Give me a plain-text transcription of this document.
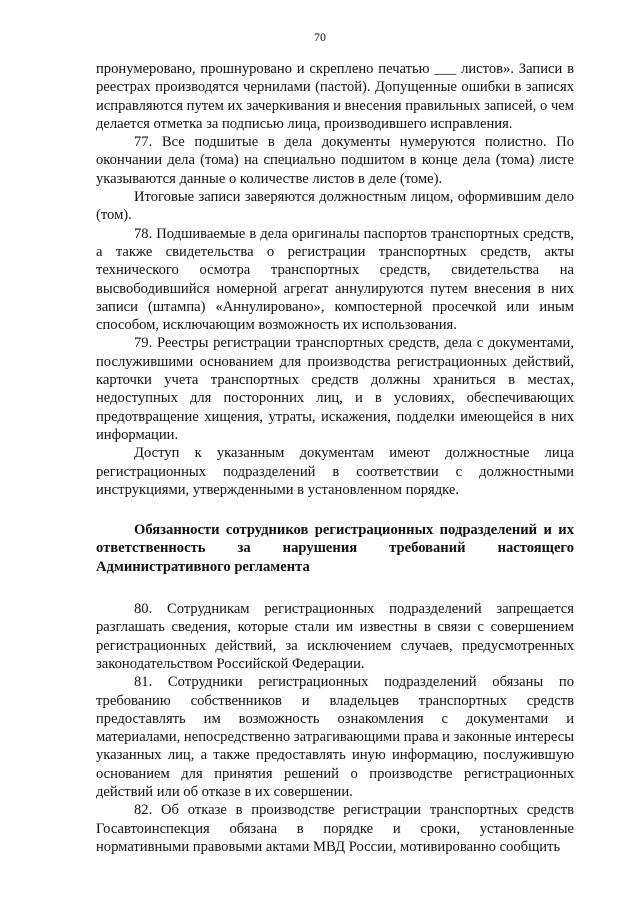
70

пронумеровано, прошнуровано и скреплено печатью ___ листов». Записи в реестрах производятся чернилами (пастой). Допущенные ошибки в записях исправляются путем их зачеркивания и внесения правильных записей, о чем делается отметка за подписью лица, производившего исправления.

77. Все подшитые в дела документы нумеруются полистно. По окончании дела (тома) на специально подшитом в конце дела (тома) листе указываются данные о количестве листов в деле (томе).

Итоговые записи заверяются должностным лицом, оформившим дело (том).

78. Подшиваемые в дела оригиналы паспортов транспортных средств, а также свидетельства о регистрации транспортных средств, акты технического осмотра транспортных средств, свидетельства на высвободившийся номерной агрегат аннулируются путем внесения в них записи (штампа) «Аннулировано», компостерной просечкой или иным способом, исключающим возможность их использования.

79. Реестры регистрации транспортных средств, дела с документами, послужившими основанием для производства регистрационных действий, карточки учета транспортных средств должны храниться в местах, недоступных для посторонних лиц, и в условиях, обеспечивающих предотвращение хищения, утраты, искажения, подделки имеющейся в них информации.

Доступ к указанным документам имеют должностные лица регистрационных подразделений в соответствии с должностными инструкциями, утвержденными в установленном порядке.

Обязанности сотрудников регистрационных подразделений и их ответственность за нарушения требований настоящего Административного регламента

80. Сотрудникам регистрационных подразделений запрещается разглашать сведения, которые стали им известны в связи с совершением регистрационных действий, за исключением случаев, предусмотренных законодательством Российской Федерации.

81. Сотрудники регистрационных подразделений обязаны по требованию собственников и владельцев транспортных средств предоставлять им возможность ознакомления с документами и материалами, непосредственно затрагивающими права и законные интересы указанных лиц, а также предоставлять иную информацию, послужившую основанием для принятия решений о производстве регистрационных действий или об отказе в их совершении.

82. Об отказе в производстве регистрации транспортных средств Госавтоинспекция обязана в порядке и сроки, установленные нормативными правовыми актами МВД России, мотивированно сообщить
